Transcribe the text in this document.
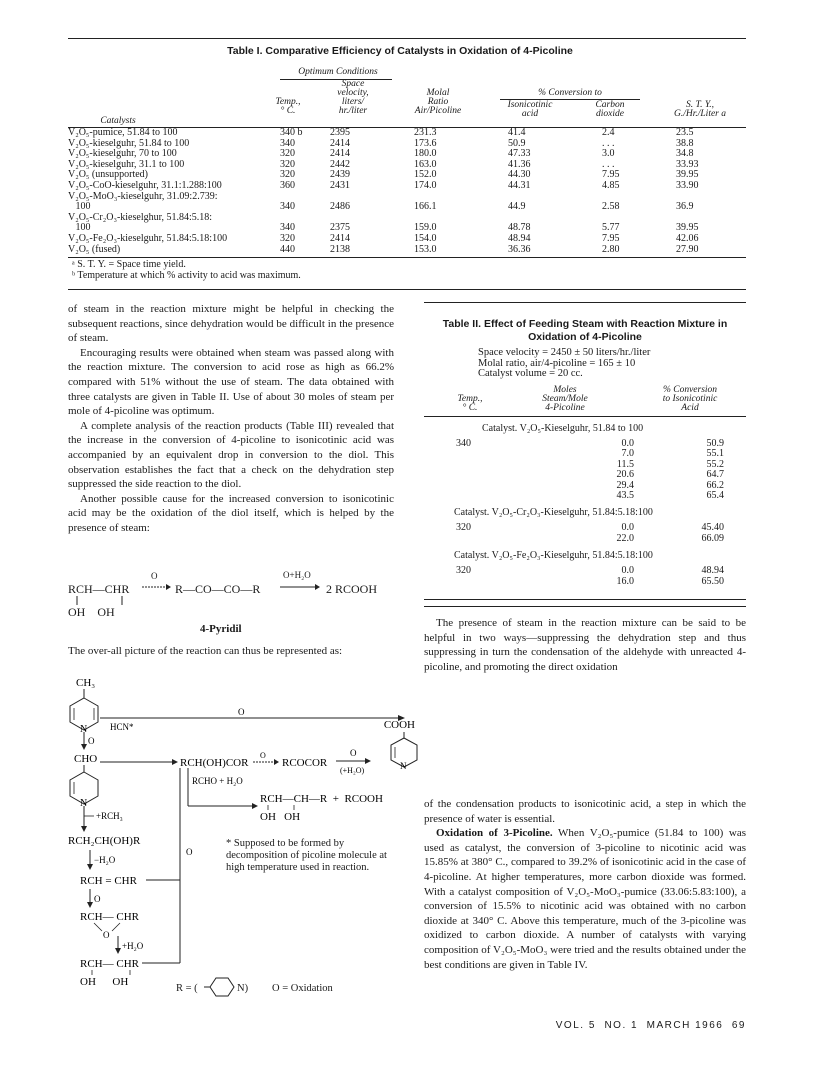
Table I. Comparative Efficiency of Catalysts in Oxidation of 4-Picoline
Optimum Conditions
Temp.,
° C.
Space
velocity,
liters/
hr./liter
Molal
Ratio
Air/Picoline
% Conversion to
Isonicotinic
acid
Carbon
dioxide
S. T. Y.,
G./Hr./Liter a
Catalysts
V₂O₅-pumice, 51.84 to 100	340 b	2395	231.3	41.4	2.4	23.5
V₂O₅-kieselguhr, 51.84 to 100	340	2414	173.6	50.9	. . .	38.8
V₂O₅-kieselguhr, 70 to 100	320	2414	180.0	47.33	3.0	34.8
V₂O₅-kieselguhr, 31.1 to 100	320	2442	163.0	41.36	. . .	33.93
V₂O₅ (unsupported)	320	2439	152.0	44.30	7.95	39.95
V₂O₅-CoO-kieselguhr, 31.1:1.288:100	360	2431	174.0	44.31	4.85	33.90
V₂O₅-MoO₃-kieselguhr, 31.09:2.739:
100	340	2486	166.1	44.9	2.58	36.9
V₂O₅-Cr₂O₃-kieselghur, 51.84:5.18:
100	340	2375	159.0	48.78	5.77	39.95
V₂O₅-Fe₂O₃-kieselguhr, 51.84:5.18:100	320	2414	154.0	48.94	7.95	42.06
V₂O₅ (fused)	440	2138	153.0	36.36	2.80	27.90
ᵃ S. T. Y. = Space time yield.
ᵇ Temperature at which % activity to acid was maximum.

of steam in the reaction mixture might be helpful in checking the subsequent reactions, since dehydration would be difficult in the presence of steam.

Encouraging results were obtained when steam was passed along with the reaction mixture. The conversion to acid rose as high as 66.2% compared with 51% without the use of steam. The data obtained with three catalysts are given in Table II. Use of about 30 moles of steam per mole of 4-picoline was optimum.

A complete analysis of the reaction products (Table III) revealed that the increase in the conversion of 4-picoline to isonicotinic acid was accompanied by an equivalent drop in conversion to the diol. This observation establishes the fact that a check on the dehydration step suppressed the side reaction to the diol.

Another possible cause for the increased conversion to isonicotinic acid may be the oxidation of the diol itself, which is helped by the presence of steam:

RCH—CHR
O
R—CO—CO—R
O+H₂O
2 RCOOH
OH    OH
4-Pyridil

The over-all picture of the reaction can thus be represented as:

Table II. Effect of Feeding Steam with Reaction Mixture in
Oxidation of 4-Picoline
Space velocity = 2450 ± 50 liters/hr./liter
Molal ratio, air/4-picoline = 165 ± 10
Catalyst volume = 20 cc.
Temp.,
° C.
Moles
Steam/Mole
4-Picoline
% Conversion
to Isonicotinic
Acid
Catalyst. V₂O₅-Kieselguhr, 51.84 to 100
340	0.0	50.9
7.0	55.1
11.5	55.2
20.6	64.7
29.4	66.2
43.5	65.4
Catalyst. V₂O₅-Cr₂O₃-Kieselguhr, 51.84:5.18:100
320	0.0	45.40
22.0	66.09
Catalyst. V₂O₅-Fe₂O₃-Kieselguhr, 51.84:5.18:100
320	0.0	48.94
16.0	65.50

The presence of steam in the reaction mixture can be said to be helpful in two ways—suppressing the dehydration step and thus suppressing in turn the condensation of the aldehyde with unreacted 4-picoline, and promoting the direct oxidation

CH₃
N	HCN*
O
COOH
N
O
CHO
N
RCH(OH)COR
O
RCOCOR
O
(+H₂O)
+RCH₃
RCH₂CH(OH)R
RCHO + H₂O
RCH—CH—R  +  RCOOH
OH   OH
−H₂O
RCH = CHR
O
O
RCH— CHR
O
+H₂O
RCH— CHR
OH      OH
* Supposed to be formed by decomposition of picoline molecule at high temperature used in reaction.
R = (	N) O = Oxidation

of the condensation products to isonicotinic acid, a step in which the presence of water is essential.

Oxidation of 3-Picoline. When V₂O₅-pumice (51.84 to 100) was used as catalyst, the conversion of 3-picoline to nicotinic acid was 15.85% at 380° C., compared to 39.2% of isonicotinic acid in the case of 4-picoline. At higher temperatures, more carbon dioxide was formed. With a catalyst composition of V₂O₅-MoO₃-pumice (33.06:5.83:100), a conversion of 15.5% to nicotinic acid was obtained with no carbon dioxide at 340° C. Above this temperature, much of the 3-picoline was oxidized to carbon dioxide. A number of catalysts with varying composition of V₂O₅-MoO₃ were tried and the results obtained under the best conditions are given in Table IV.

VOL. 5  NO. 1  MARCH 1966  69
